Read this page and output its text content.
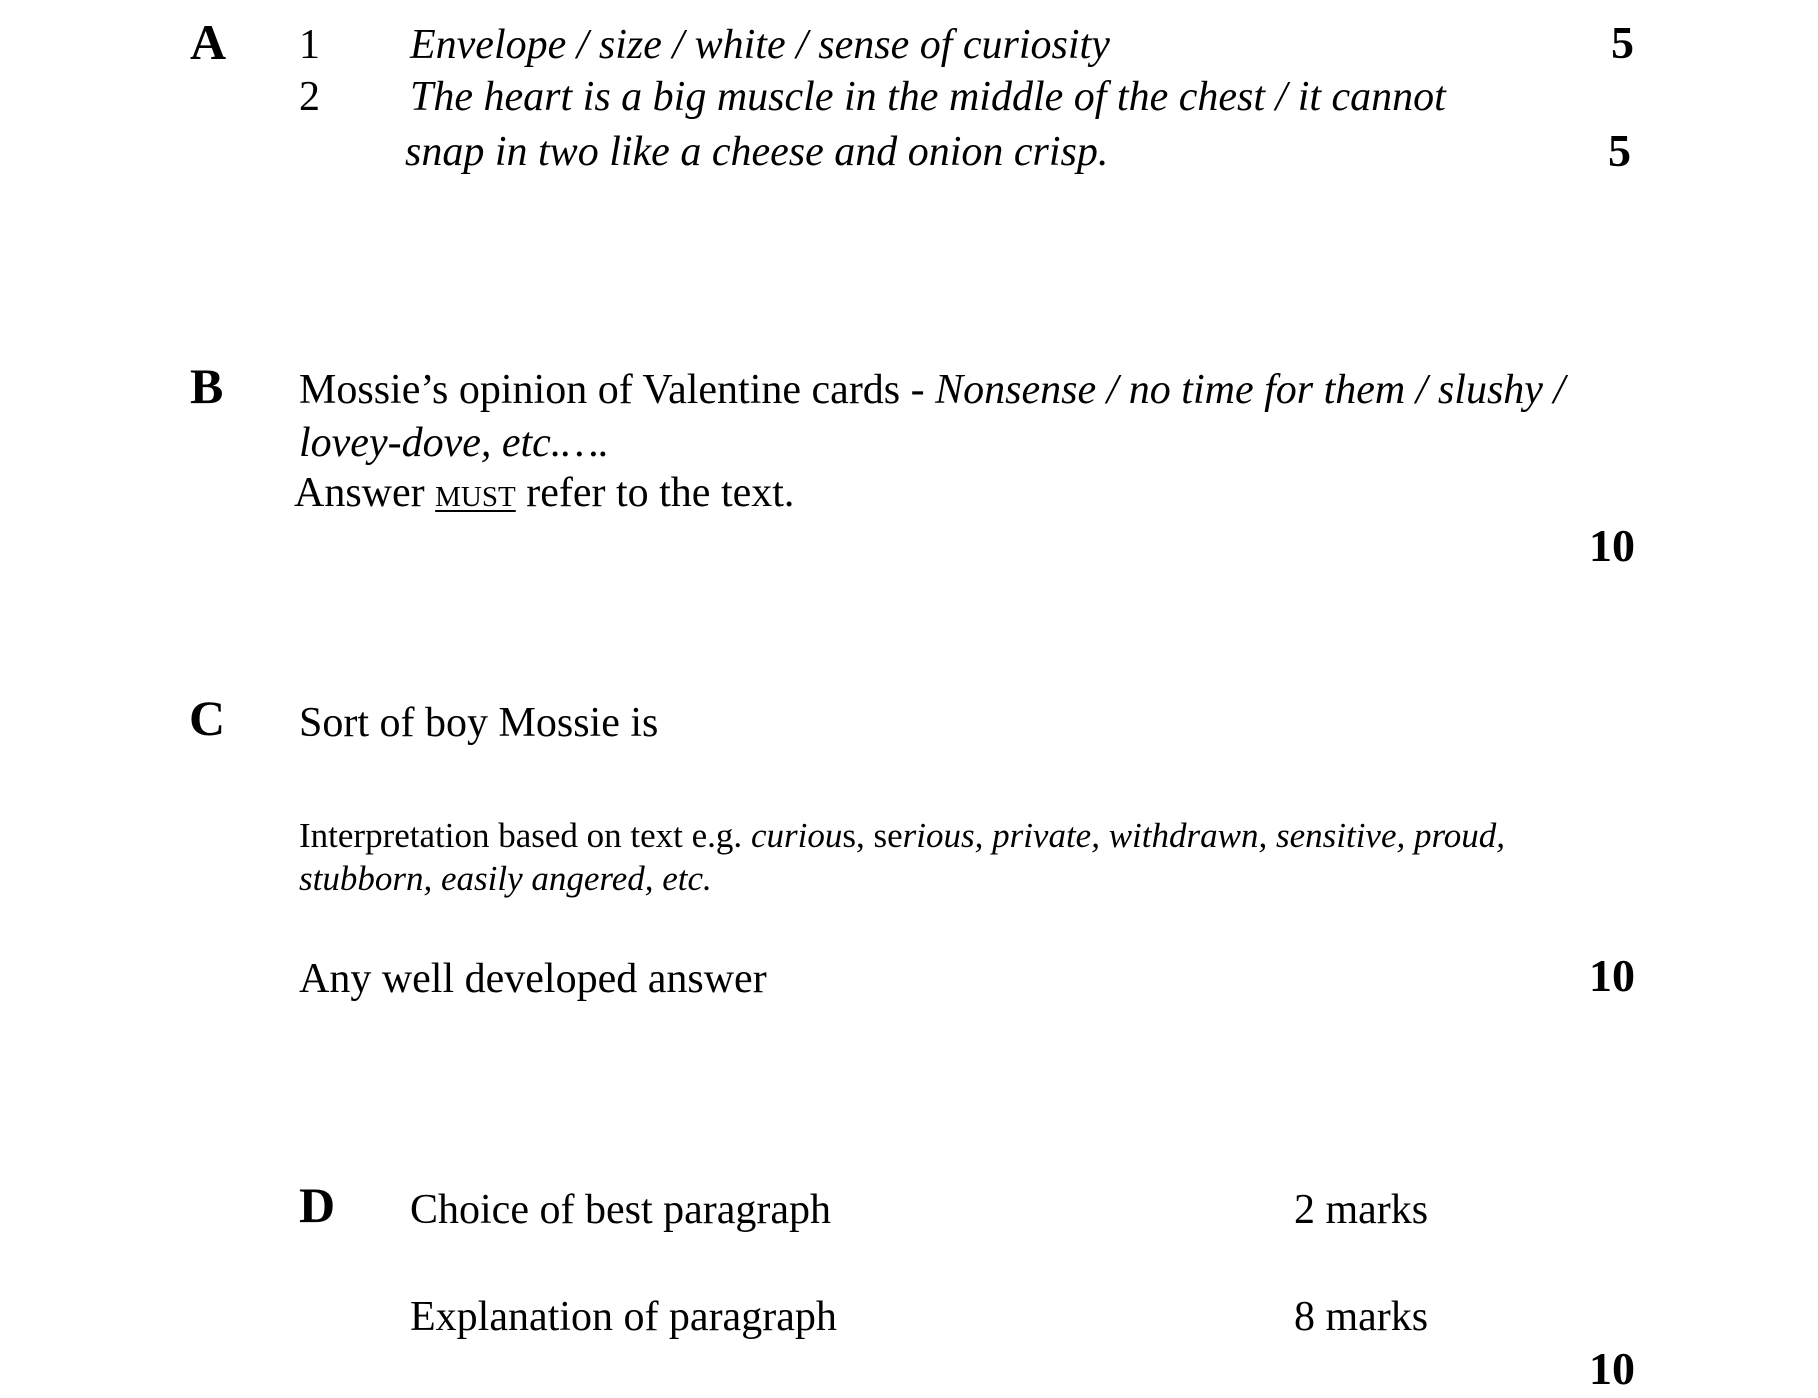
A 1 Envelope / size / white / sense of curiosity	5
2 The heart is a big muscle in the middle of the chest / it cannot
snap in two like a cheese and onion crisp.	5
B Mossie’s opinion of Valentine cards - Nonsense / no time for them / slushy /
lovey-dove, etc.….
Answer must refer to the text.
10
C Sort of boy Mossie is
Interpretation based on text e.g. curious, serious, private, withdrawn, sensitive, proud,
stubborn, easily angered, etc.
Any well developed answer	10
D Choice of best paragraph	2 marks
Explanation of paragraph	8 marks
10
